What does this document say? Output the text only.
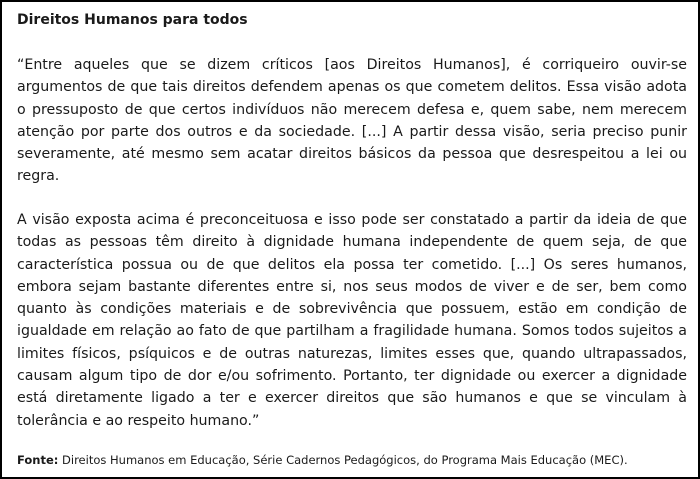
Direitos Humanos para todos
“Entre aqueles que se dizem críticos [aos Direitos Humanos], é corriqueiro ouvir-se
argumentos de que tais direitos defendem apenas os que cometem delitos. Essa visão adota
o pressuposto de que certos indivíduos não merecem defesa e, quem sabe, nem merecem
atenção por parte dos outros e da sociedade. [...] A partir dessa visão, seria preciso punir
severamente, até mesmo sem acatar direitos básicos da pessoa que desrespeitou a lei ou
regra.
A visão exposta acima é preconceituosa e isso pode ser constatado a partir da ideia de que
todas as pessoas têm direito à dignidade humana independente de quem seja, de que
característica possua ou de que delitos ela possa ter cometido. [...] Os seres humanos,
embora sejam bastante diferentes entre si, nos seus modos de viver e de ser, bem como
quanto às condições materiais e de sobrevivência que possuem, estão em condição de
igualdade em relação ao fato de que partilham a fragilidade humana. Somos todos sujeitos a
limites físicos, psíquicos e de outras naturezas, limites esses que, quando ultrapassados,
causam algum tipo de dor e/ou sofrimento. Portanto, ter dignidade ou exercer a dignidade
está diretamente ligado a ter e exercer direitos que são humanos e que se vinculam à
tolerância e ao respeito humano.”
Fonte: Direitos Humanos em Educação, Série Cadernos Pedagógicos, do Programa Mais Educação (MEC).
